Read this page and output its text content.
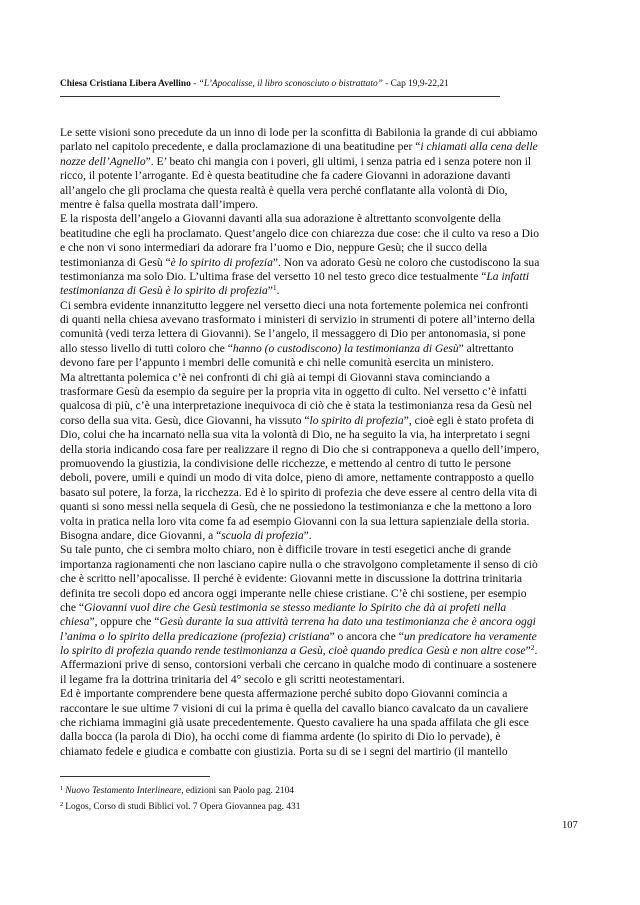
Chiesa Cristiana Libera Avellino - “L’Apocalisse, il libro sconosciuto o bistrattato” - Cap 19,9-22,21
Le sette visioni sono precedute da un inno di lode per la sconfitta di Babilonia la grande di cui abbiamo
parlato nel capitolo precedente, e dalla proclamazione di una beatitudine per “i chiamati alla cena delle
nozze dell’Agnello”. E’ beato chi mangia con i poveri, gli ultimi, i senza patria ed i senza potere non il
ricco, il potente l’arrogante. Ed è questa beatitudine che fa cadere Giovanni in adorazione davanti
all’angelo che gli proclama che questa realtà è quella vera perché conflatante alla volontà di Dio,
mentre è falsa quella mostrata dall’impero.
E la risposta dell’angelo a Giovanni davanti alla sua adorazione è altrettanto sconvolgente della
beatitudine che egli ha proclamato. Quest’angelo dice con chiarezza due cose: che il culto va reso a Dio
e che non vi sono intermediari da adorare fra l’uomo e Dio, neppure Gesù; che il succo della
testimonianza di Gesù “è lo spirito di profezia”. Non va adorato Gesù ne coloro che custodiscono la sua
testimonianza ma solo Dio. L’ultima frase del versetto 10 nel testo greco dice testualmente “La infatti
testimonianza di Gesù è lo spirito di profezia”$^1$.
Ci sembra evidente innanzitutto leggere nel versetto dieci una nota fortemente polemica nei confronti
di quanti nella chiesa avevano trasformato i ministeri di servizio in strumenti di potere all’interno della
comunità (vedi terza lettera di Giovanni). Se l’angelo, il messaggero di Dio per antonomasia, si pone
allo stesso livello di tutti coloro che “hanno (o custodiscono) la testimonianza di Gesù” altrettanto
devono fare per l’appunto i membri delle comunità e chi nelle comunità esercita un ministero.
Ma altrettanta polemica c’è nei confronti di chi già ai tempi di Giovanni stava cominciando a
trasformare Gesù da esempio da seguire per la propria vita in oggetto di culto. Nel versetto c’è infatti
qualcosa di più, c’è una interpretazione inequivoca di ciò che è stata la testimonianza resa da Gesù nel
corso della sua vita. Gesù, dice Giovanni, ha vissuto “lo spirito di profezia”, cioè egli è stato profeta di
Dio, colui che ha incarnato nella sua vita la volontà di Dio, ne ha seguito la via, ha interpretato i segni
della storia indicando cosa fare per realizzare il regno di Dio che si contrapponeva a quello dell’impero,
promuovendo la giustizia, la condivisione delle ricchezze, e mettendo al centro di tutto le persone
deboli, povere, umili e quindi un modo di vita dolce, pieno di amore, nettamente contrapposto a quello
basato sul potere, la forza, la ricchezza. Ed è lo spirito di profezia che deve essere al centro della vita di
quanti si sono messi nella sequela di Gesù, che ne possiedono la testimonianza e che la mettono a loro
volta in pratica nella loro vita come fa ad esempio Giovanni con la sua lettura sapienziale della storia.
Bisogna andare, dice Giovanni, a “scuola di profezia”.
Su tale punto, che ci sembra molto chiaro, non è difficile trovare in testi esegetici anche di grande
importanza ragionamenti che non lasciano capire nulla o che stravolgono completamente il senso di ciò
che è scritto nell’apocalisse. Il perché è evidente: Giovanni mette in discussione la dottrina trinitaria
definita tre secoli dopo ed ancora oggi imperante nelle chiese cristiane. C’è chi sostiene, per esempio
che “Giovanni vuol dire che Gesù testimonia se stesso mediante lo Spirito che dà ai profeti nella
chiesa”, oppure che “Gesù durante la sua attività terrena ha dato una testimonianza che è ancora oggi
l’anima o lo spirito della predicazione (profezia) cristiana” o ancora che “un predicatore ha veramente
lo spirito di profezia quando rende testimonianza a Gesù, cioè quando predica Gesù e non altre cose”$^2$.
Affermazioni prive di senso, contorsioni verbali che cercano in qualche modo di continuare a sostenere
il legame fra la dottrina trinitaria del 4° secolo e gli scritti neotestamentari.
Ed è importante comprendere bene questa affermazione perché subito dopo Giovanni comincia a
raccontare le sue ultime 7 visioni di cui la prima è quella del cavallo bianco cavalcato da un cavaliere
che richiama immagini già usate precedentemente. Questo cavaliere ha una spada affilata che gli esce
dalla bocca (la parola di Dio), ha occhi come di fiamma ardente (lo spirito di Dio lo pervade), è
chiamato fedele e giudica e combatte con giustizia. Porta su di se i segni del martirio (il mantello
$^1$ Nuovo Testamento Interlineare, edizioni san Paolo pag. 2104
$^2$ Logos, Corso di studi Biblici vol. 7 Opera Giovannea pag. 431
107
